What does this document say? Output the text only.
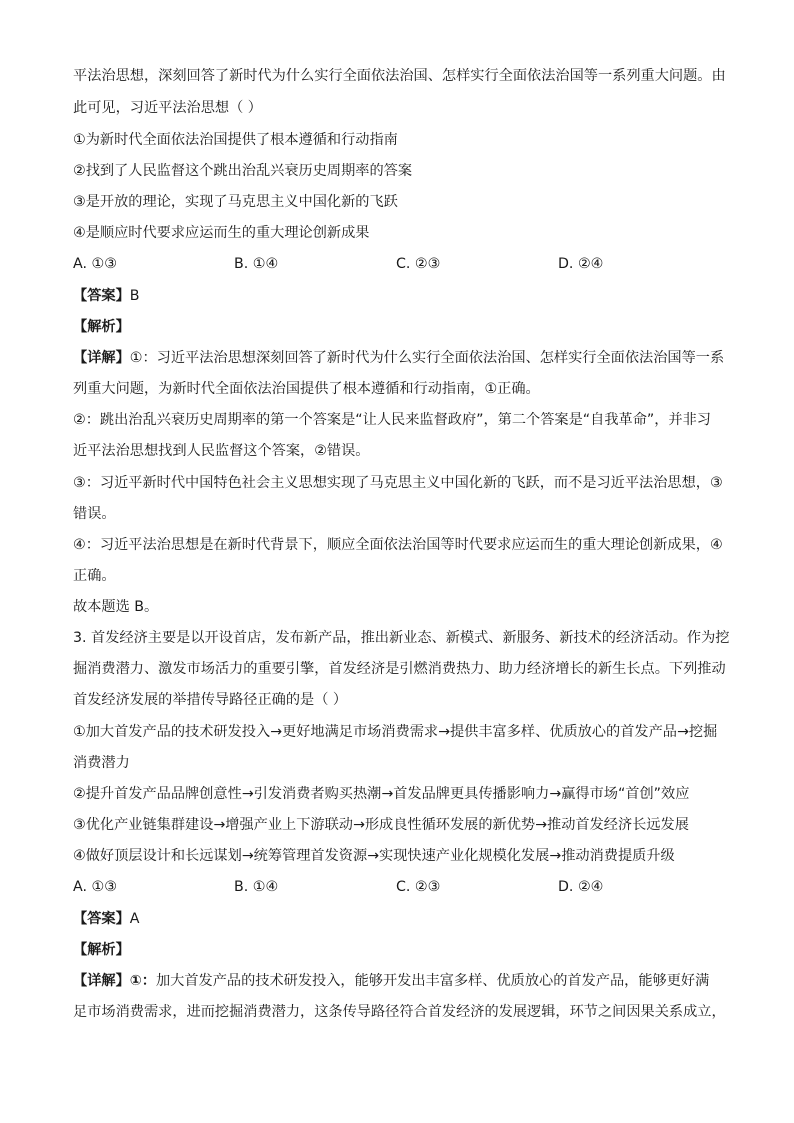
平法治思想，深刻回答了新时代为什么实行全面依法治国、怎样实行全面依法治国等一系列重大问题。由
此可见，习近平法治思想（ ）
①为新时代全面依法治国提供了根本遵循和行动指南
②找到了人民监督这个跳出治乱兴衰历史周期率的答案
③是开放的理论，实现了马克思主义中国化新的飞跃
④是顺应时代要求应运而生的重大理论创新成果
A. ①③	B. ①④	C. ②③	D. ②④
【答案】B
【解析】
【详解】①：习近平法治思想深刻回答了新时代为什么实行全面依法治国、怎样实行全面依法治国等一系
列重大问题，为新时代全面依法治国提供了根本遵循和行动指南，①正确。
②：跳出治乱兴衰历史周期率的第一个答案是“让人民来监督政府”，第二个答案是“自我革命”，并非习
近平法治思想找到人民监督这个答案，②错误。
③：习近平新时代中国特色社会主义思想实现了马克思主义中国化新的飞跃，而不是习近平法治思想，③
错误。
④：习近平法治思想是在新时代背景下，顺应全面依法治国等时代要求应运而生的重大理论创新成果，④
正确。
故本题选 B。
3. 首发经济主要是以开设首店，发布新产品，推出新业态、新模式、新服务、新技术的经济活动。作为挖
掘消费潜力、激发市场活力的重要引擎，首发经济是引燃消费热力、助力经济增长的新生长点。下列推动
首发经济发展的举措传导路径正确的是（ ）
①加大首发产品的技术研发投入→更好地满足市场消费需求→提供丰富多样、优质放心的首发产品→挖掘
消费潜力
②提升首发产品品牌创意性→引发消费者购买热潮→首发品牌更具传播影响力→赢得市场“首创”效应
③优化产业链集群建设→增强产业上下游联动→形成良性循环发展的新优势→推动首发经济长远发展
④做好顶层设计和长远谋划→统筹管理首发资源→实现快速产业化规模化发展→推动消费提质升级
A. ①③	B. ①④	C. ②③	D. ②④
【答案】A
【解析】
【详解】①：加大首发产品的技术研发投入，能够开发出丰富多样、优质放心的首发产品，能够更好满
足市场消费需求，进而挖掘消费潜力，这条传导路径符合首发经济的发展逻辑，环节之间因果关系成立，
